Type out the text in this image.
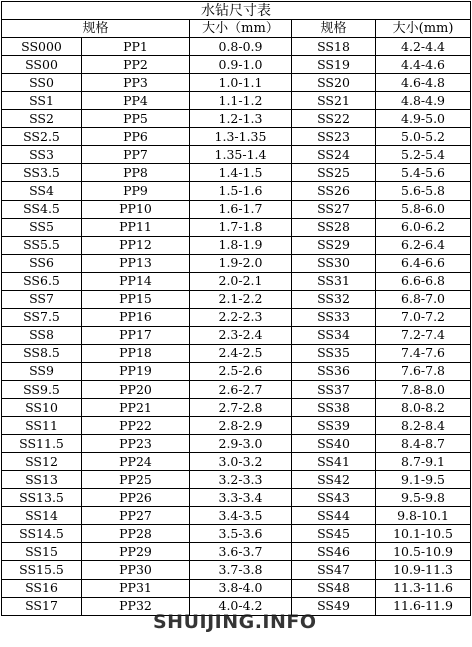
水钻尺寸表				
规格		大小（mm）	规格	大小(mm)
SS000	PP1	0.8-0.9	SS18	4.2-4.4
SS00	PP2	0.9-1.0	SS19	4.4-4.6
SS0	PP3	1.0-1.1	SS20	4.6-4.8
SS1	PP4	1.1-1.2	SS21	4.8-4.9
SS2	PP5	1.2-1.3	SS22	4.9-5.0
SS2.5	PP6	1.3-1.35	SS23	5.0-5.2
SS3	PP7	1.35-1.4	SS24	5.2-5.4
SS3.5	PP8	1.4-1.5	SS25	5.4-5.6
SS4	PP9	1.5-1.6	SS26	5.6-5.8
SS4.5	PP10	1.6-1.7	SS27	5.8-6.0
SS5	PP11	1.7-1.8	SS28	6.0-6.2
SS5.5	PP12	1.8-1.9	SS29	6.2-6.4
SS6	PP13	1.9-2.0	SS30	6.4-6.6
SS6.5	PP14	2.0-2.1	SS31	6.6-6.8
SS7	PP15	2.1-2.2	SS32	6.8-7.0
SS7.5	PP16	2.2-2.3	SS33	7.0-7.2
SS8	PP17	2.3-2.4	SS34	7.2-7.4
SS8.5	PP18	2.4-2.5	SS35	7.4-7.6
SS9	PP19	2.5-2.6	SS36	7.6-7.8
SS9.5	PP20	2.6-2.7	SS37	7.8-8.0
SS10	PP21	2.7-2.8	SS38	8.0-8.2
SS11	PP22	2.8-2.9	SS39	8.2-8.4
SS11.5	PP23	2.9-3.0	SS40	8.4-8.7
SS12	PP24	3.0-3.2	SS41	8.7-9.1
SS13	PP25	3.2-3.3	SS42	9.1-9.5
SS13.5	PP26	3.3-3.4	SS43	9.5-9.8
SS14	PP27	3.4-3.5	SS44	9.8-10.1
SS14.5	PP28	3.5-3.6	SS45	10.1-10.5
SS15	PP29	3.6-3.7	SS46	10.5-10.9
SS15.5	PP30	3.7-3.8	SS47	10.9-11.3
SS16	PP31	3.8-4.0	SS48	11.3-11.6
SS17	PP32	4.0-4.2	SS49	11.6-11.9
SHUIJING.INFO
